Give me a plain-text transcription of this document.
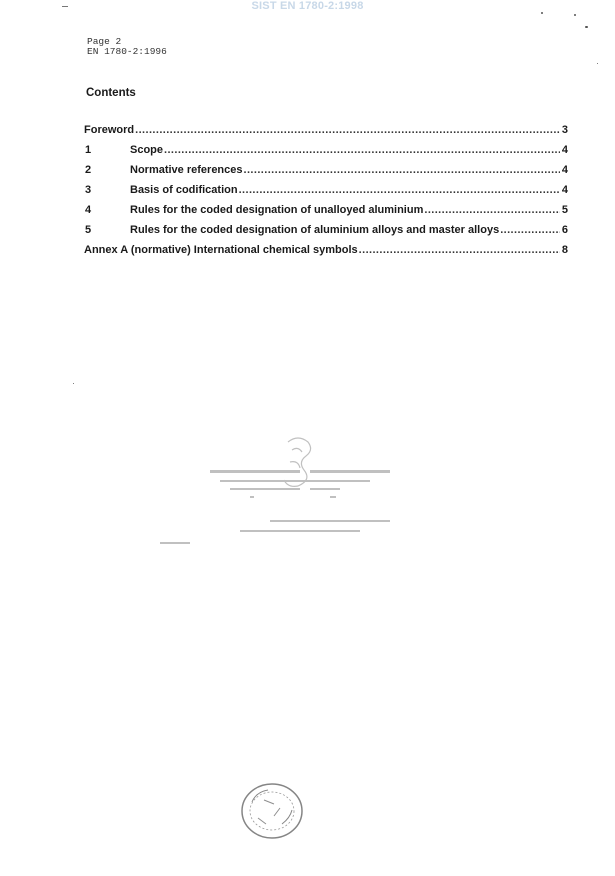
SIST EN 1780-2:1998
Page 2
EN 1780-2:1996
Contents
Foreword .....	3
1	Scope .....	4
2	Normative references .....	4
3	Basis of codification .....	4
4	Rules for the coded designation of unalloyed aluminium .....	5
5	Rules for the coded designation of aluminium alloys and master alloys .....	6
Annex A (normative) International chemical symbols .....	8
